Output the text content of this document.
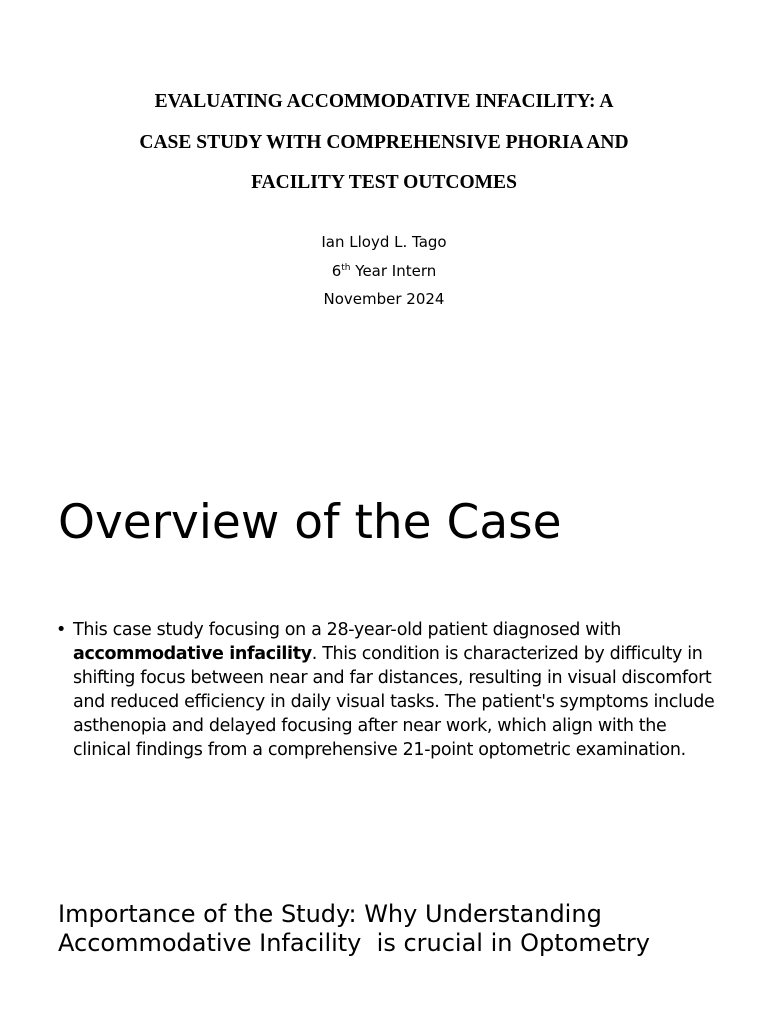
EVALUATING ACCOMMODATIVE INFACILITY: A
CASE STUDY WITH COMPREHENSIVE PHORIA AND
FACILITY TEST OUTCOMES
Ian Lloyd L. Tago
6th Year Intern
November 2024
Overview of the Case
• This case study focusing on a 28-year-old patient diagnosed with accommodative infacility. This condition is characterized by difficulty in shifting focus between near and far distances, resulting in visual discomfort and reduced efficiency in daily visual tasks. The patient's symptoms include asthenopia and delayed focusing after near work, which align with the clinical findings from a comprehensive 21-point optometric examination.
Importance of the Study: Why Understanding
Accommodative Infacility  is crucial in Optometry
